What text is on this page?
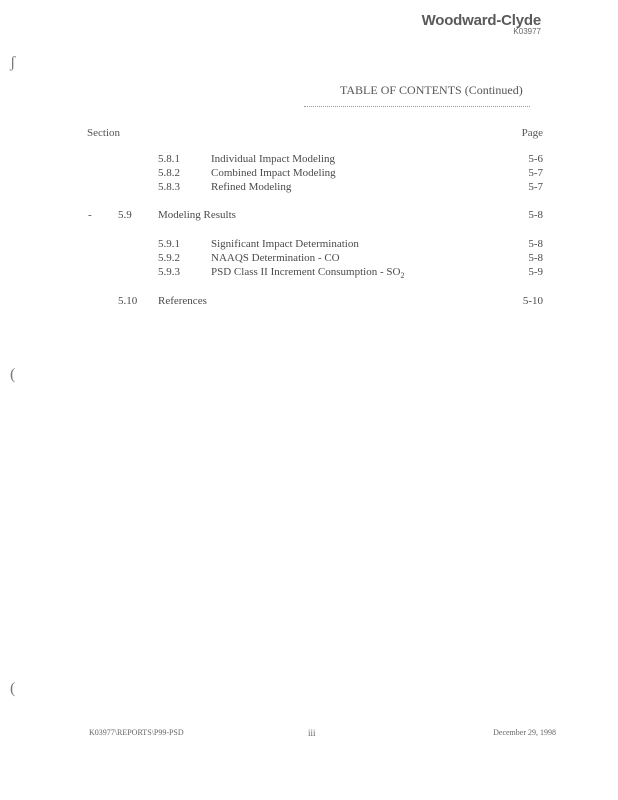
Woodward-Clyde
K03977
ʃ
TABLE OF CONTENTS (Continued)
Section	Page
5.8.1	Individual Impact Modeling	5-6
5.8.2	Combined Impact Modeling	5-7
5.8.3	Refined Modeling	5-7
- 5.9 Modeling Results	5-8
5.9.1	Significant Impact Determination	5-8
5.9.2	NAAQS Determination - CO	5-8
5.9.3	PSD Class II Increment Consumption - $SO_2$	5-9
5.10 References	5-10
(
(
K03977\REPORTS\P99-PSD	iii	December 29, 1998
